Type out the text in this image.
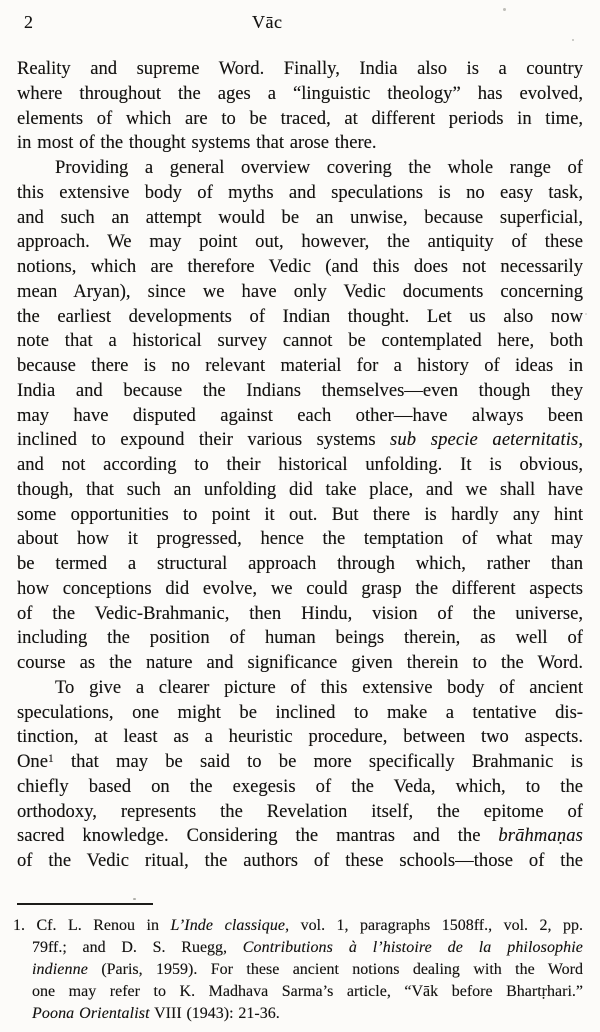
2	Vāc
Reality and supreme Word. Finally, India also is a country
where throughout the ages a “linguistic theology” has evolved,
elements of which are to be traced, at different periods in time,
in most of the thought systems that arose there.
Providing a general overview covering the whole range of
this extensive body of myths and speculations is no easy task,
and such an attempt would be an unwise, because superficial,
approach. We may point out, however, the antiquity of these
notions, which are therefore Vedic (and this does not necessarily
mean Aryan), since we have only Vedic documents concerning
the earliest developments of Indian thought. Let us also now
note that a historical survey cannot be contemplated here, both
because there is no relevant material for a history of ideas in
India and because the Indians themselves—even though they
may have disputed against each other—have always been
inclined to expound their various systems sub specie aeternitatis,
and not according to their historical unfolding. It is obvious,
though, that such an unfolding did take place, and we shall have
some opportunities to point it out. But there is hardly any hint
about how it progressed, hence the temptation of what may
be termed a structural approach through which, rather than
how conceptions did evolve, we could grasp the different aspects
of the Vedic-Brahmanic, then Hindu, vision of the universe,
including the position of human beings therein, as well of
course as the nature and significance given therein to the Word.
To give a clearer picture of this extensive body of ancient
speculations, one might be inclined to make a tentative dis-
tinction, at least as a heuristic procedure, between two aspects.
One$^1$ that may be said to be more specifically Brahmanic is
chiefly based on the exegesis of the Veda, which, to the
orthodoxy, represents the Revelation itself, the epitome of
sacred knowledge. Considering the mantras and the brāhmaṇas
of the Vedic ritual, the authors of these schools—those of the
1. Cf. L. Renou in L’Inde classique, vol. 1, paragraphs 1508ff., vol. 2, pp.
79ff.; and D. S. Ruegg, Contributions à l’histoire de la philosophie
indienne (Paris, 1959). For these ancient notions dealing with the Word
one may refer to K. Madhava Sarma’s article, “Vāk before Bhartṛhari.”
Poona Orientalist VIII (1943): 21-36.
